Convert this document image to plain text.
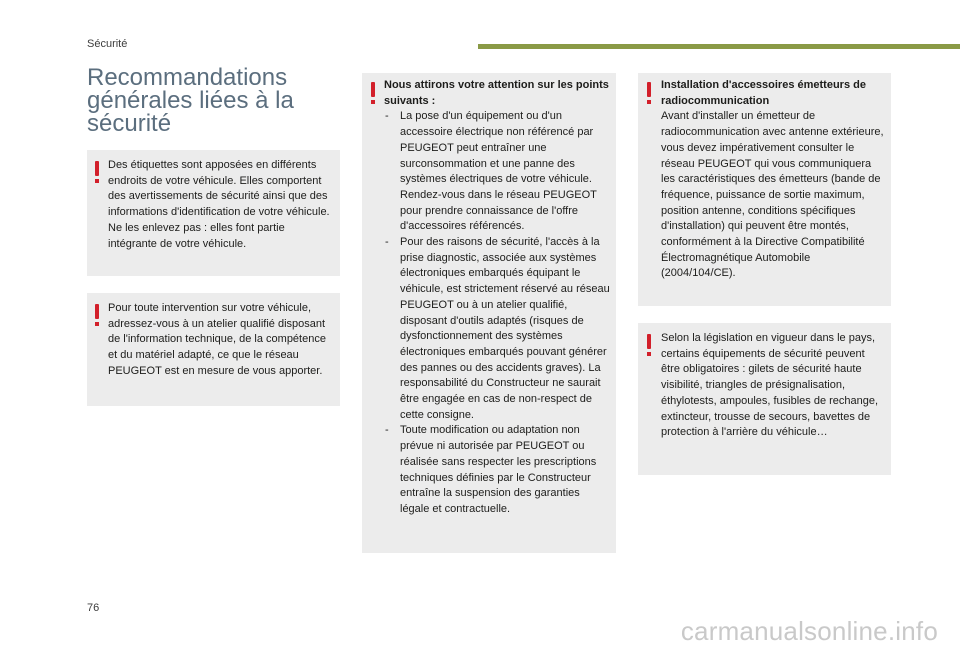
Sécurité
Recommandations générales liées à la sécurité

Des étiquettes sont apposées en différents endroits de votre véhicule. Elles comportent des avertissements de sécurité ainsi que des informations d'identification de votre véhicule. Ne les enlevez pas : elles font partie intégrante de votre véhicule.

Pour toute intervention sur votre véhicule, adressez-vous à un atelier qualifié disposant de l'information technique, de la compétence et du matériel adapté, ce que le réseau PEUGEOT est en mesure de vous apporter.

Nous attirons votre attention sur les points suivants :

- La pose d'un équipement ou d'un accessoire électrique non référencé par PEUGEOT peut entraîner une surconsommation et une panne des systèmes électriques de votre véhicule. Rendez-vous dans le réseau PEUGEOT pour prendre connaissance de l'offre d'accessoires référencés.
- Pour des raisons de sécurité, l'accès à la prise diagnostic, associée aux systèmes électroniques embarqués équipant le véhicule, est strictement réservé au réseau PEUGEOT ou à un atelier qualifié, disposant d'outils adaptés (risques de dysfonctionnement des systèmes électroniques embarqués pouvant générer des pannes ou des accidents graves). La responsabilité du Constructeur ne saurait être engagée en cas de non-respect de cette consigne.
- Toute modification ou adaptation non prévue ni autorisée par PEUGEOT ou réalisée sans respecter les prescriptions techniques définies par le Constructeur entraîne la suspension des garanties légale et contractuelle.

Installation d'accessoires émetteurs de radiocommunication

Avant d'installer un émetteur de radiocommunication avec antenne extérieure, vous devez impérativement consulter le réseau PEUGEOT qui vous communiquera les caractéristiques des émetteurs (bande de fréquence, puissance de sortie maximum, position antenne, conditions spécifiques d'installation) qui peuvent être montés, conformément à la Directive Compatibilité Électromagnétique Automobile (2004/104/CE).

Selon la législation en vigueur dans le pays, certains équipements de sécurité peuvent être obligatoires : gilets de sécurité haute visibilité, triangles de présignalisation, éthylotests, ampoules, fusibles de rechange, extincteur, trousse de secours, bavettes de protection à l'arrière du véhicule…

76
carmanualsonline.info
